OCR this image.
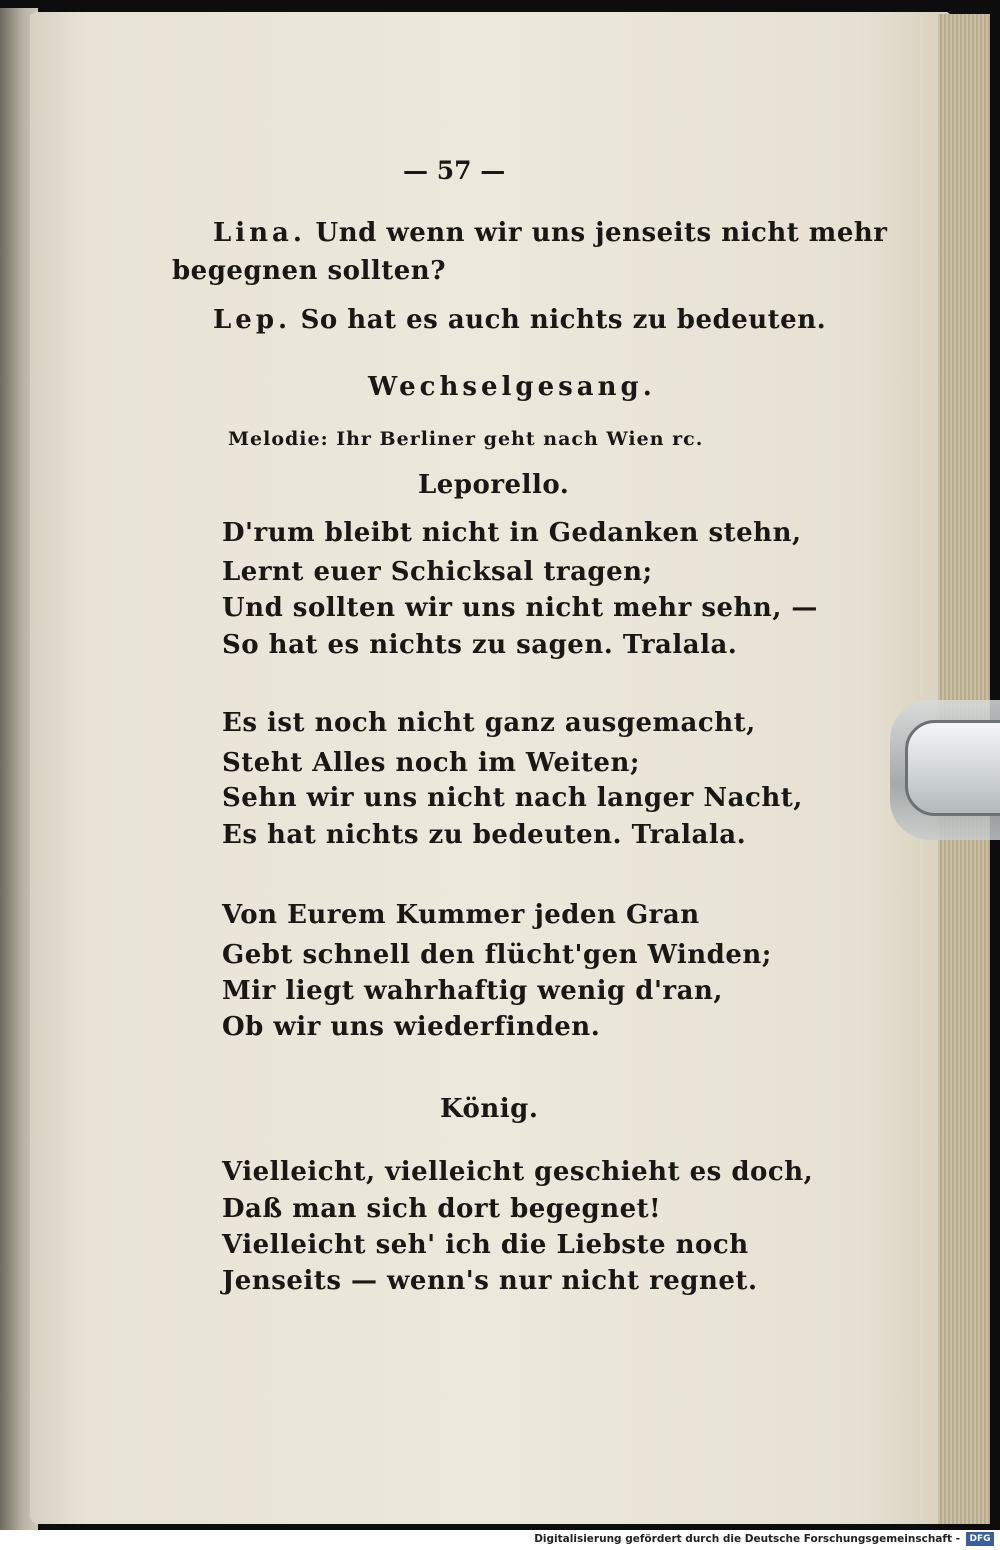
— 57 —
Lina. Und wenn wir uns jenseits nicht mehr
begegnen sollten?
Lep. So hat es auch nichts zu bedeuten.
Wechselgesang.
Melodie: Ihr Berliner geht nach Wien rc.
Leporello.
D'rum bleibt nicht in Gedanken stehn,
Lernt euer Schicksal tragen;
Und sollten wir uns nicht mehr sehn, —
So hat es nichts zu sagen. Tralala.
Es ist noch nicht ganz ausgemacht,
Steht Alles noch im Weiten;
Sehn wir uns nicht nach langer Nacht,
Es hat nichts zu bedeuten. Tralala.
Von Eurem Kummer jeden Gran
Gebt schnell den flücht'gen Winden;
Mir liegt wahrhaftig wenig d'ran,
Ob wir uns wiederfinden.
König.
Vielleicht, vielleicht geschieht es doch,
Daß man sich dort begegnet!
Vielleicht seh' ich die Liebste noch
Jenseits — wenn's nur nicht regnet.
Digitalisierung gefördert durch die Deutsche Forschungsgemeinschaft -	DFG
